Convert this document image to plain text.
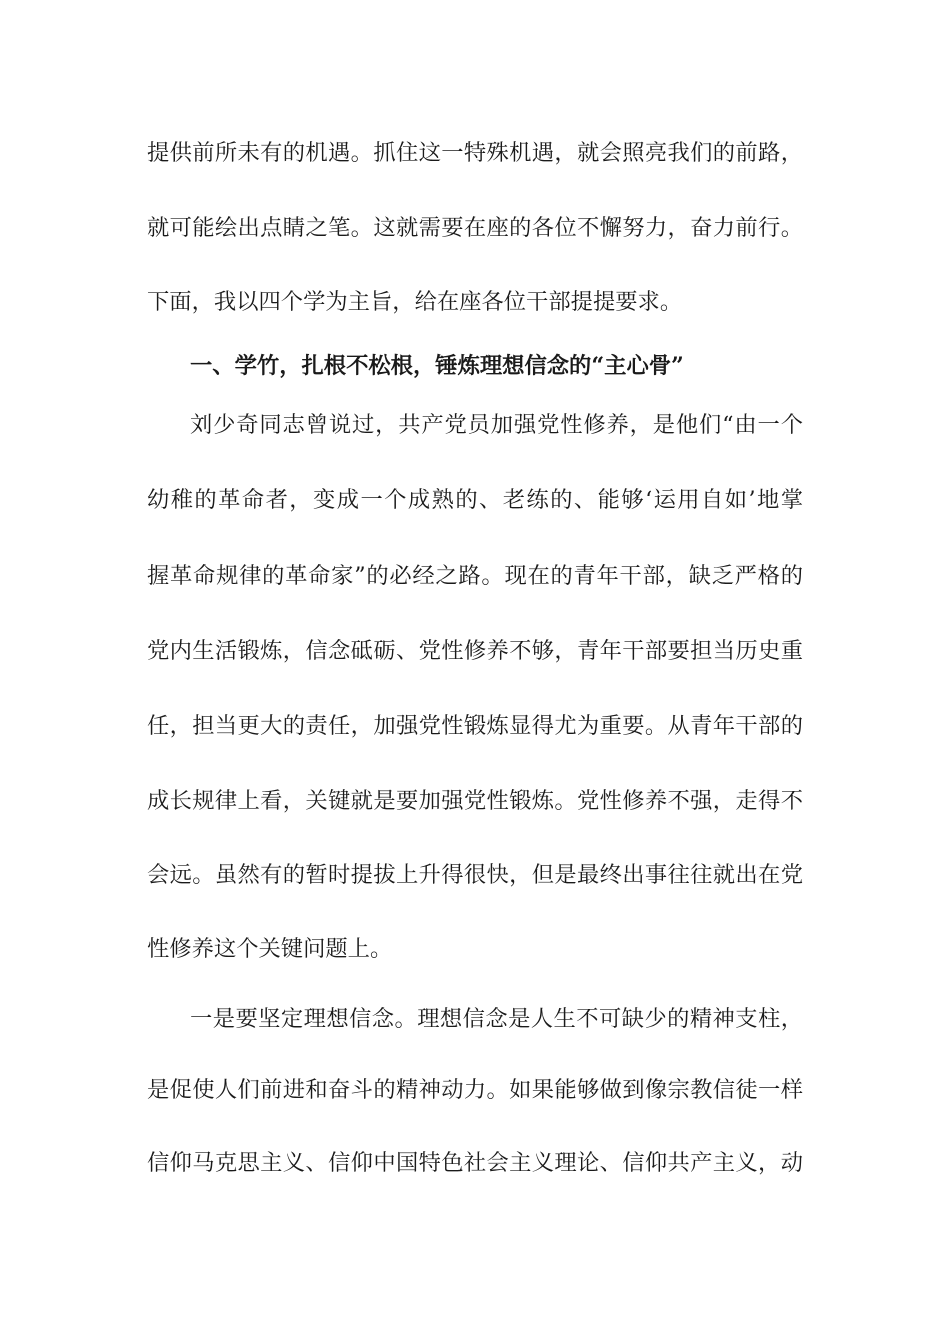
提供前所未有的机遇。抓住这一特殊机遇，就会照亮我们的前路，
就可能绘出点睛之笔。这就需要在座的各位不懈努力，奋力前行。
下面，我以四个学为主旨，给在座各位干部提提要求。
一、学竹，扎根不松根，锤炼理想信念的“主心骨”
刘少奇同志曾说过，共产党员加强党性修养，是他们“由一个
幼稚的革命者，变成一个成熟的、老练的、能够‘运用自如’地掌
握革命规律的革命家”的必经之路。现在的青年干部，缺乏严格的
党内生活锻炼，信念砥砺、党性修养不够，青年干部要担当历史重
任，担当更大的责任，加强党性锻炼显得尤为重要。从青年干部的
成长规律上看，关键就是要加强党性锻炼。党性修养不强，走得不
会远。虽然有的暂时提拔上升得很快，但是最终出事往往就出在党
性修养这个关键问题上。
一是要坚定理想信念。理想信念是人生不可缺少的精神支柱，
是促使人们前进和奋斗的精神动力。如果能够做到像宗教信徒一样
信仰马克思主义、信仰中国特色社会主义理论、信仰共产主义，动
